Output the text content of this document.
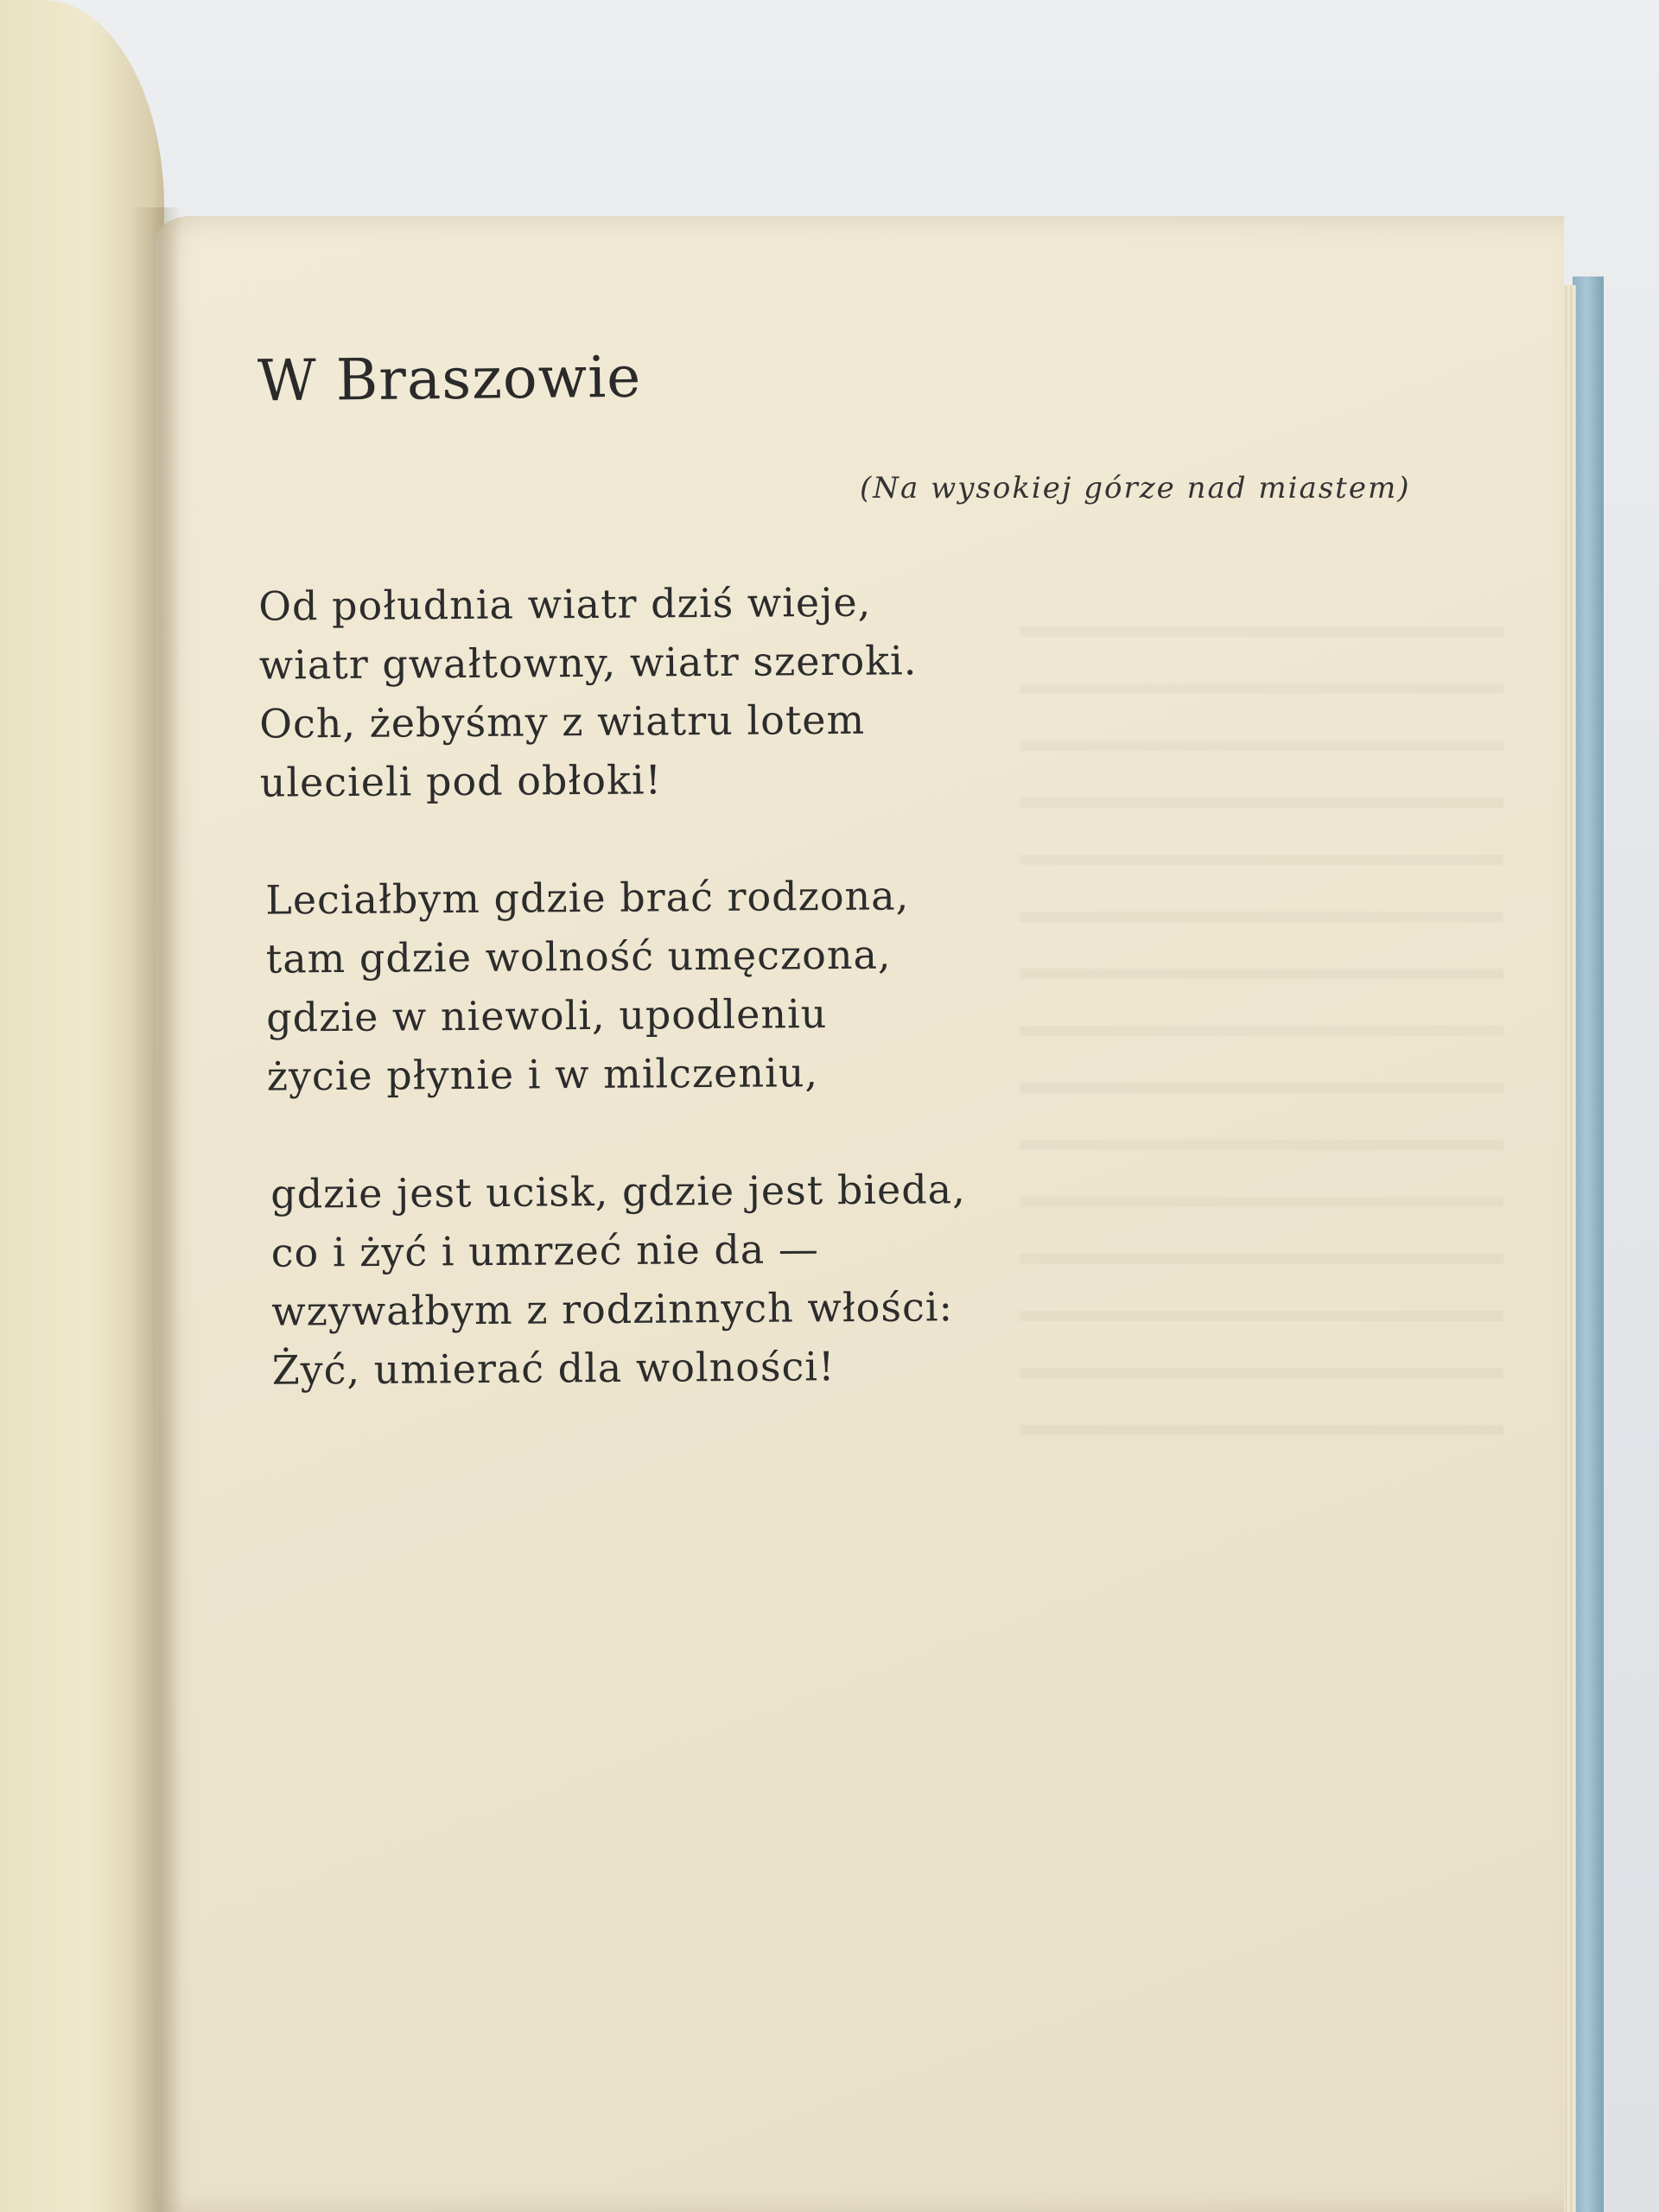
W Braszowie
(Na wysokiej górze nad miastem)
Od południa wiatr dziś wieje,
wiatr gwałtowny, wiatr szeroki.
Och, żebyśmy z wiatru lotem
ulecieli pod obłoki!
Leciałbym gdzie brać rodzona,
tam gdzie wolność umęczona,
gdzie w niewoli, upodleniu
życie płynie i w milczeniu,
gdzie jest ucisk, gdzie jest bieda,
co i żyć i umrzeć nie da —
wzywałbym z rodzinnych włości:
Żyć, umierać dla wolności!
